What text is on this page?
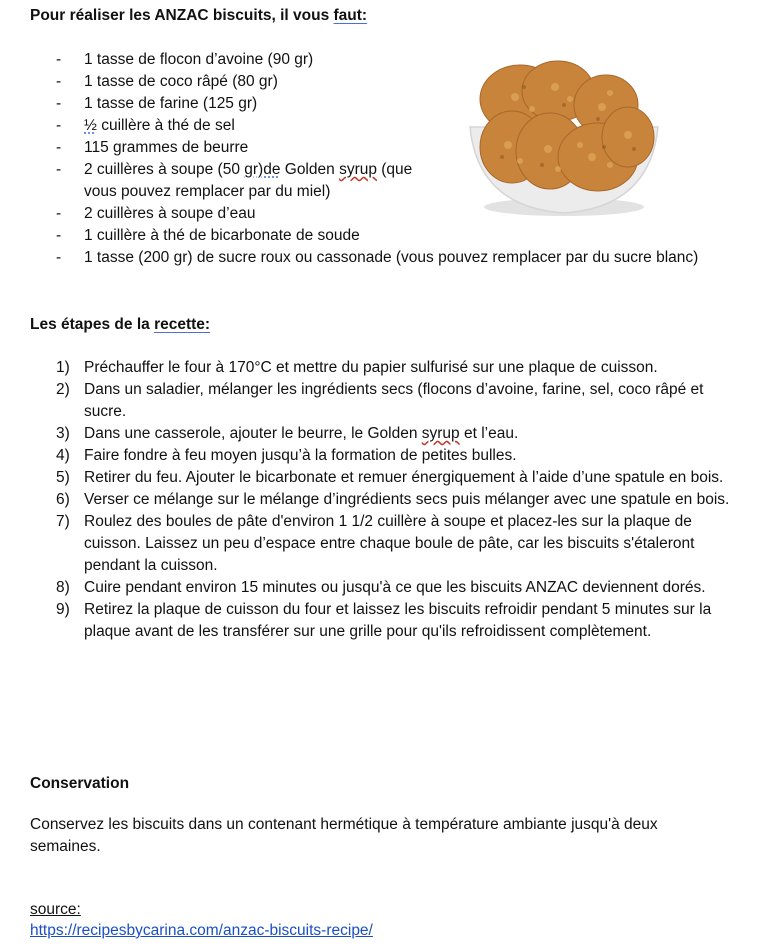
Pour réaliser les ANZAC biscuits, il vous faut:

- 1 tasse de flocon d’avoine (90 gr)
- 1 tasse de coco râpé (80 gr)
- 1 tasse de farine (125 gr)
- ½ cuillère à thé de sel
- 115 grammes de beurre
- 2 cuillères à soupe (50 gr)de Golden syrup (que
vous pouvez remplacer par du miel)
- 2 cuillères à soupe d’eau
- 1 cuillère à thé de bicarbonate de soude
- 1 tasse (200 gr) de sucre roux ou cassonade (vous pouvez remplacer par du sucre blanc)

Les étapes de la recette:

1) Préchauffer le four à 170°C et mettre du papier sulfurisé sur une plaque de cuisson.
2) Dans un saladier, mélanger les ingrédients secs (flocons d’avoine, farine, sel, coco râpé et sucre.
3) Dans une casserole, ajouter le beurre, le Golden syrup et l’eau.
4) Faire fondre à feu moyen jusqu’à la formation de petites bulles.
5) Retirer du feu. Ajouter le bicarbonate et remuer énergiquement à l’aide d’une spatule en bois.
6) Verser ce mélange sur le mélange d’ingrédients secs puis mélanger avec une spatule en bois.
7) Roulez des boules de pâte d'environ 1 1/2 cuillère à soupe et placez-les sur la plaque de cuisson. Laissez un peu d’espace entre chaque boule de pâte, car les biscuits s'étaleront pendant la cuisson.
8) Cuire pendant environ 15 minutes ou jusqu'à ce que les biscuits ANZAC deviennent dorés.
9) Retirez la plaque de cuisson du four et laissez les biscuits refroidir pendant 5 minutes sur la plaque avant de les transférer sur une grille pour qu'ils refroidissent complètement.

Conservation

Conservez les biscuits dans un contenant hermétique à température ambiante jusqu'à deux semaines.

source:
https://recipesbycarina.com/anzac-biscuits-recipe/
